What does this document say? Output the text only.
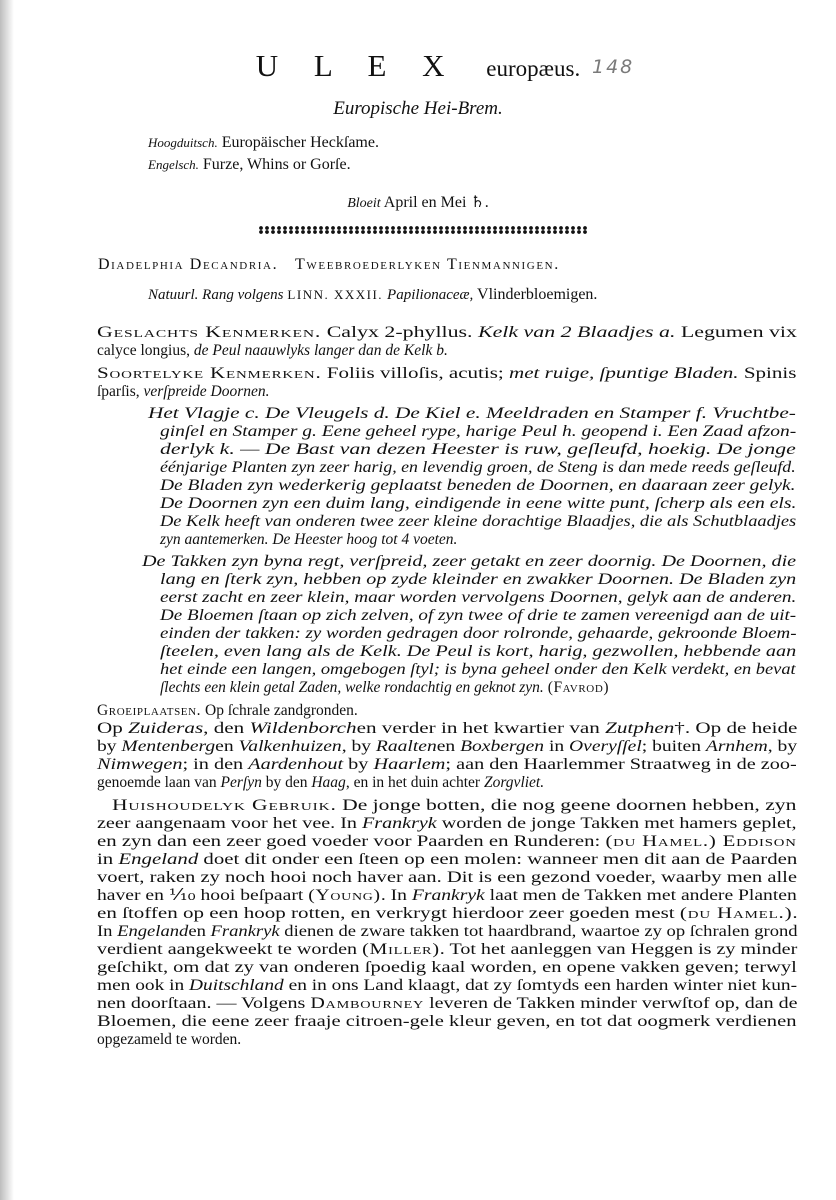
U L E X europæus. 148
Europische Hei-Brem.
Hoogduitsch. Europäischer Heckſame.
Engelsch. Furze, Whins or Gorſe.
Bloeit April en Mei ♄.
Diadelphia Decandria. Tweebroederlyken Tienmannigen.
Natuurl. Rang volgens LINN. XXXII. Papilionaceæ, Vlinderbloemigen.
Geslachts Kenmerken. Calyx 2-phyllus. Kelk van 2 Blaadjes a. Legumen vix
calyce longius, de Peul naauwlyks langer dan de Kelk b.
Soortelyke Kenmerken. Foliis villoſis, acutis; met ruige, ſpuntige Bladen. Spinis
ſparſis, verſpreide Doornen.
Het Vlagje c. De Vleugels d. De Kiel e. Meeldraden en Stamper f. Vruchtbe-
ginſel en Stamper g. Eene geheel rype, harige Peul h. geopend i. Een Zaad afzon-
derlyk k. — De Bast van dezen Heester is ruw, geſleufd, hoekig. De jonge
éénjarige Planten zyn zeer harig, en levendig groen, de Steng is dan mede reeds geſleufd.
De Bladen zyn wederkerig geplaatst beneden de Doornen, en daaraan zeer gelyk.
De Doornen zyn een duim lang, eindigende in eene witte punt, ſcherp als een els.
De Kelk heeft van onderen twee zeer kleine dorachtige Blaadjes, die als Schutblaadjes
zyn aantemerken. De Heester hoog tot 4 voeten.
De Takken zyn byna regt, verſpreid, zeer getakt en zeer doornig. De Doornen, die
lang en ſterk zyn, hebben op zyde kleinder en zwakker Doornen. De Bladen zyn
eerst zacht en zeer klein, maar worden vervolgens Doornen, gelyk aan de anderen.
De Bloemen ſtaan op zich zelven, of zyn twee of drie te zamen vereenigd aan de uit-
einden der takken: zy worden gedragen door rolronde, gehaarde, gekroonde Bloem-
ſteelen, even lang als de Kelk. De Peul is kort, harig, gezwollen, hebbende aan
het einde een langen, omgebogen ſtyl; is byna geheel onder den Kelk verdekt, en bevat
ſlechts een klein getal Zaden, welke rondachtig en geknot zyn. (Favrod)
Groeiplaatsen. Op ſchrale zandgronden.
Op Zuideras, den Wildenborchen verder in het kwartier van Zutphen†. Op de heide
by Mentenbergen Valkenhuizen, by Raaltenen Boxbergen in Overyſſel; buiten Arnhem, by
Nimwegen; in den Aardenhout by Haarlem; aan den Haarlemmer Straatweg in de zoo-
genoemde laan van Perſyn by den Haag, en in het duin achter Zorgvliet.
Huishoudelyk Gebruik. De jonge botten, die nog geene doornen hebben, zyn
zeer aangenaam voor het vee. In Frankryk worden de jonge Takken met hamers geplet,
en zyn dan een zeer goed voeder voor Paarden en Runderen: (du Hamel.) Eddison
in Engeland doet dit onder een ſteen op een molen: wanneer men dit aan de Paarden
voert, raken zy noch hooi noch haver aan. Dit is een gezond voeder, waarby men alle
haver en ⅒ hooi beſpaart (Young). In Frankryk laat men de Takken met andere Planten
en ſtoffen op een hoop rotten, en verkrygt hierdoor zeer goeden mest (du Hamel.).
In Engelanden Frankryk dienen de zware takken tot haardbrand, waartoe zy op ſchralen grond
verdient aangekweekt te worden (Miller). Tot het aanleggen van Heggen is zy minder
geſchikt, om dat zy van onderen ſpoedig kaal worden, en opene vakken geven; terwyl
men ook in Duitschland en in ons Land klaagt, dat zy ſomtyds een harden winter niet kun-
nen doorſtaan. — Volgens Dambourney leveren de Takken minder verwſtof op, dan de
Bloemen, die eene zeer fraaje citroen-gele kleur geven, en tot dat oogmerk verdienen
opgezameld te worden.
